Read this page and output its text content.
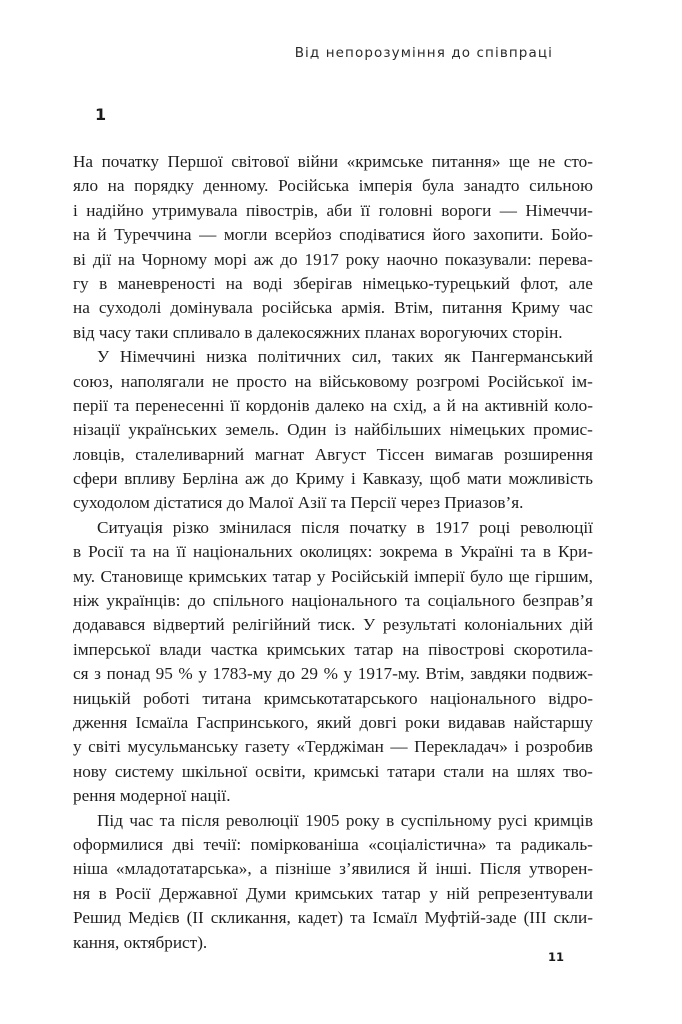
Від непорозуміння до співпраці
1
На початку Першої світової війни «кримське питання» ще не сто-
яло на порядку денному. Російська імперія була занадто сильною
і надійно утримувала півострів, аби її головні вороги — Німеччи-
на й Туреччина — могли всерйоз сподіватися його захопити. Бойо-
ві дії на Чорному морі аж до 1917 року наочно показували: перева-
гу в маневреності на воді зберігав німецько-турецький флот, але
на суходолі домінувала російська армія. Втім, питання Криму час
від часу таки спливало в далекосяжних планах ворогуючих сторін.
У Німеччині низка політичних сил, таких як Пангерманський
союз, наполягали не просто на військовому розгромі Російської ім-
перії та перенесенні її кордонів далеко на схід, а й на активній коло-
нізації українських земель. Один із найбільших німецьких промис-
ловців, сталеливарний магнат Август Тіссен вимагав розширення
сфери впливу Берліна аж до Криму і Кавказу, щоб мати можливість
суходолом дістатися до Малої Азії та Персії через Приазов’я.
Ситуація різко змінилася після початку в 1917 році революції
в Росії та на її національних околицях: зокрема в Україні та в Кри-
му. Становище кримських татар у Російській імперії було ще гіршим,
ніж українців: до спільного національного та соціального безправ’я
додавався відвертий релігійний тиск. У результаті колоніальних дій
імперської влади частка кримських татар на півострові скоротила-
ся з понад 95 % у 1783-му до 29 % у 1917-му. Втім, завдяки подвиж-
ницькій роботі титана кримськотатарського національного відро-
дження Ісмаїла Гаспринського, який довгі роки видавав найстаршу
у світі мусульманську газету «Терджіман — Перекладач» і розробив
нову систему шкільної освіти, кримські татари стали на шлях тво-
рення модерної нації.
Під час та після революції 1905 року в суспільному русі кримців
оформилися дві течії: поміркованіша «соціалістична» та радикаль-
ніша «младотатарська», а пізніше з’явилися й інші. Після утворен-
ня в Росії Державної Думи кримських татар у ній репрезентували
Решид Медієв (II скликання, кадет) та Ісмаїл Муфтій-заде (III скли-
кання, октябрист).
11
